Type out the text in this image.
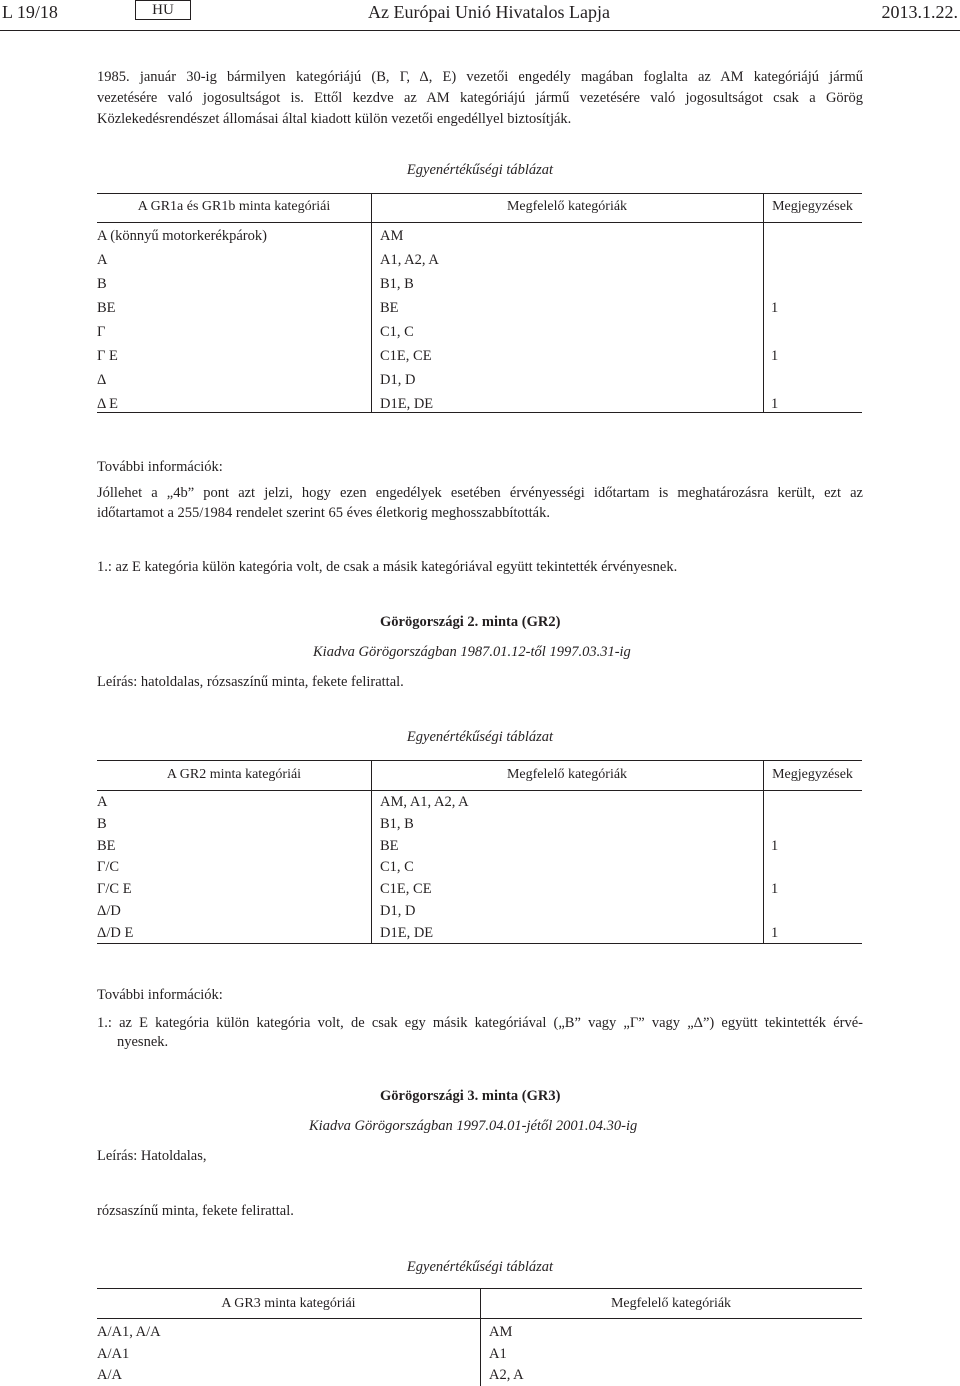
L 19/18	HU	Az Európai Unió Hivatalos Lapja	2013.1.22.
1985. január 30-ig bármilyen kategóriájú (B, Γ, Δ, E) vezetői engedély magában foglalta az AM kategóriájú jármű
vezetésére való jogosultságot is. Ettől kezdve az AM kategóriájú jármű vezetésére való jogosultságot csak a Görög
Közlekedésrendészet állomásai által kiadott külön vezetői engedéllyel biztosítják.
Egyenértékűségi táblázat
A GR1a és GR1b minta kategóriái	Megfelelő kategóriák	Megjegyzések
A (könnyű motorkerékpárok)	AM
A	A1, A2, A
B	B1, B
BE	BE	1
Γ	C1, C
Γ E	C1E, CE	1
Δ	D1, D
Δ E	D1E, DE	1
További információk:
Jóllehet a „4b” pont azt jelzi, hogy ezen engedélyek esetében érvényességi időtartam is meghatározásra került, ezt az
időtartamot a 255/1984 rendelet szerint 65 éves életkorig meghosszabbították.
1.: az E kategória külön kategória volt, de csak a másik kategóriával együtt tekintették érvényesnek.
Görögországi 2. minta (GR2)
Kiadva Görögországban 1987.01.12-től 1997.03.31-ig
Leírás: hatoldalas, rózsaszínű minta, fekete felirattal.
Egyenértékűségi táblázat
A GR2 minta kategóriái	Megfelelő kategóriák	Megjegyzések
A	AM, A1, A2, A
B	B1, B
BE	BE	1
Γ/C	C1, C
Γ/C E	C1E, CE	1
Δ/D	D1, D
Δ/D E	D1E, DE	1
További információk:
1.: az E kategória külön kategória volt, de csak egy másik kategóriával („B” vagy „Γ” vagy „Δ”) együtt tekintették érvé-
nyesnek.
Görögországi 3. minta (GR3)
Kiadva Görögországban 1997.04.01-jétől 2001.04.30-ig
Leírás: Hatoldalas,
rózsaszínű minta, fekete felirattal.
Egyenértékűségi táblázat
A GR3 minta kategóriái	Megfelelő kategóriák
A/A1, A/A	AM
A/A1	A1
A/A	A2, A
